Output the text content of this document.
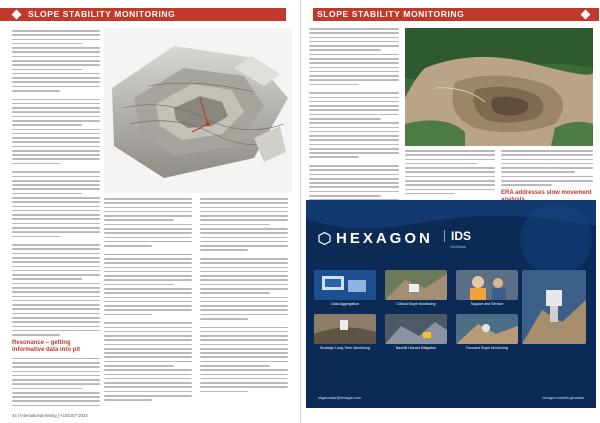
SLOPE STABILITY MONITORING
Resonance – getting informative data into pit
44 | International Mining | AUGUST 2024
SLOPE STABILITY MONITORING
ERA addresses slow movement
HEXAGON	IDS
GeoRadar
Data Aggregation	Critical Slope Monitoring	Support and Service
Strategic Long-Term Monitoring	Backfill Hazard Mitigation	Focused Slope Monitoring
idsgeoradar@hexagon.com	hexagon.com/ids-georadar
